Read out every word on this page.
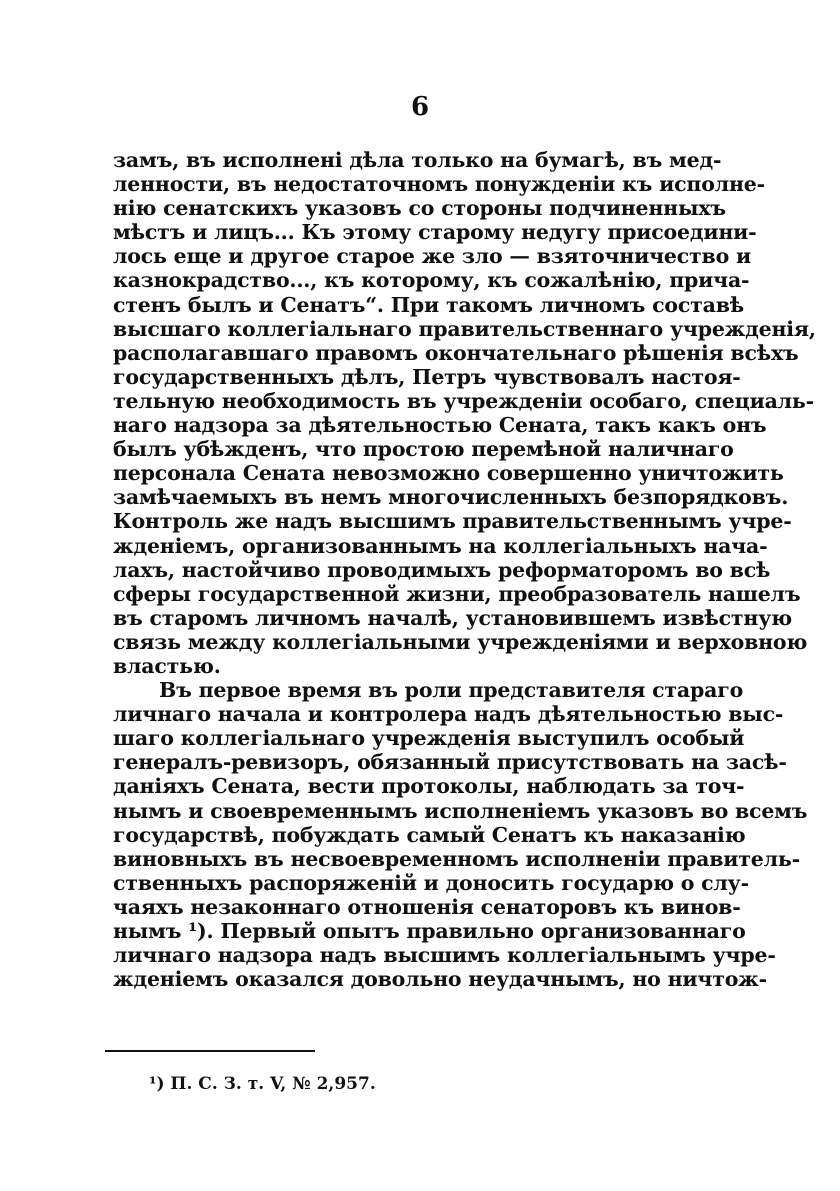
6
замъ, въ исполнені дѣла только на бумагѣ, въ мед-
ленности, въ недостаточномъ понужденіи къ исполне-
нію сенатскихъ указовъ со стороны подчиненныхъ
мѣстъ и лицъ... Къ этому старому недугу присоедини-
лось еще и другое старое же зло — взяточничество и
казнокрадство..., къ которому, къ сожалѣнію, прича-
стенъ былъ и Сенатъ“. При такомъ личномъ составѣ
высшаго коллегіальнаго правительственнаго учрежденія,
располагавшаго правомъ окончательнаго рѣшенія всѣхъ
государственныхъ дѣлъ, Петръ чувствовалъ настоя-
тельную необходимость въ учрежденіи особаго, специаль-
наго надзора за дѣятельностью Сената, такъ какъ онъ
былъ убѣжденъ, что простою перемѣной наличнаго
персонала Сената невозможно совершенно уничтожить
замѣчаемыхъ въ немъ многочисленныхъ безпорядковъ.
Контроль же надъ высшимъ правительственнымъ учре-
жденіемъ, организованнымъ на коллегіальныхъ нача-
лахъ, настойчиво проводимыхъ реформаторомъ во всѣ
сферы государственной жизни, преобразователь нашелъ
въ старомъ личномъ началѣ, установившемъ извѣстную
связь между коллегіальными учрежденіями и верховною
властью.
Въ первое время въ роли представителя стараго
личнаго начала и контролера надъ дѣятельностью выс-
шаго коллегіальнаго учрежденія выступилъ особый
генералъ-ревизоръ, обязанный присутствовать на засѣ-
даніяхъ Сената, вести протоколы, наблюдать за точ-
нымъ и своевременнымъ исполненіемъ указовъ во всемъ
государствѣ, побуждать самый Сенатъ къ наказанію
виновныхъ въ несвоевременномъ исполненіи правитель-
ственныхъ распоряженій и доносить государю о слу-
чаяхъ незаконнаго отношенія сенаторовъ къ винов-
нымъ ¹). Первый опытъ правильно организованнаго
личнаго надзора надъ высшимъ коллегіальнымъ учре-
жденіемъ оказался довольно неудачнымъ, но ничтож-
¹) П. С. З. т. V, № 2,957.
